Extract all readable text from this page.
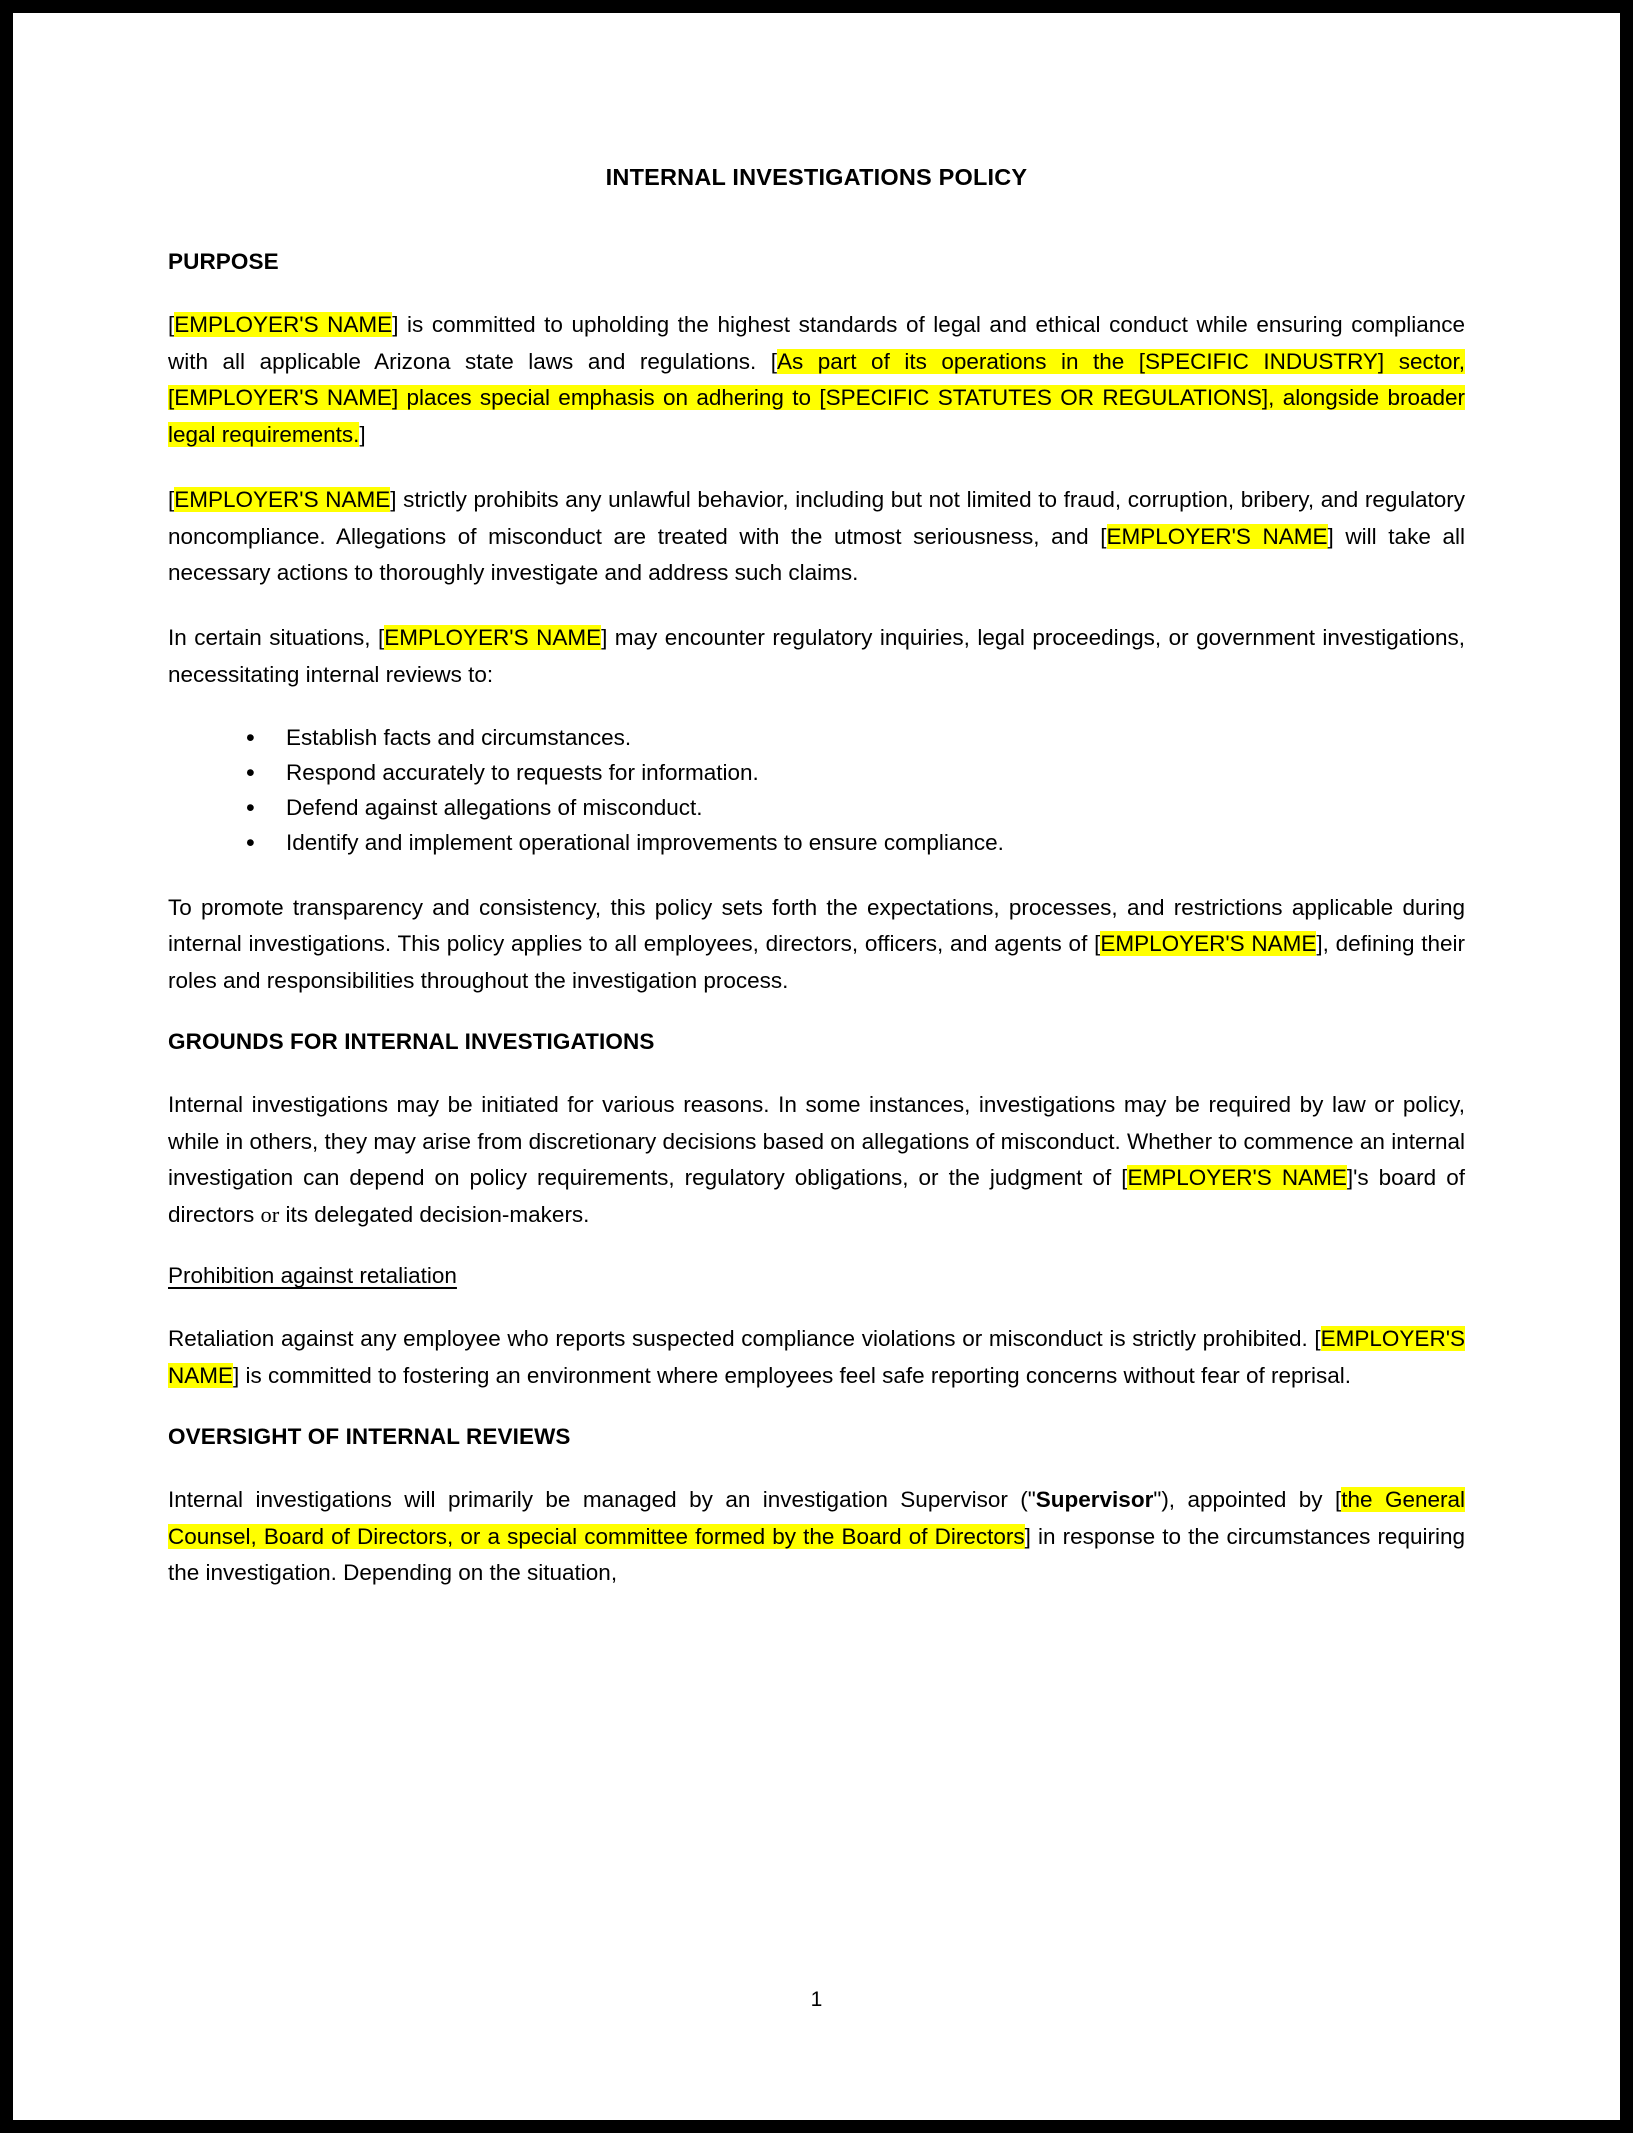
INTERNAL INVESTIGATIONS POLICY
PURPOSE

[EMPLOYER'S NAME] is committed to upholding the highest standards of legal and ethical conduct while ensuring compliance with all applicable Arizona state laws and regulations. [As part of its operations in the [SPECIFIC INDUSTRY] sector, [EMPLOYER'S NAME] places special emphasis on adhering to [SPECIFIC STATUTES OR REGULATIONS], alongside broader legal requirements.]

[EMPLOYER'S NAME] strictly prohibits any unlawful behavior, including but not limited to fraud, corruption, bribery, and regulatory noncompliance. Allegations of misconduct are treated with the utmost seriousness, and [EMPLOYER'S NAME] will take all necessary actions to thoroughly investigate and address such claims.

In certain situations, [EMPLOYER'S NAME] may encounter regulatory inquiries, legal proceedings, or government investigations, necessitating internal reviews to:

• Establish facts and circumstances.
• Respond accurately to requests for information.
• Defend against allegations of misconduct.
• Identify and implement operational improvements to ensure compliance.

To promote transparency and consistency, this policy sets forth the expectations, processes, and restrictions applicable during internal investigations. This policy applies to all employees, directors, officers, and agents of [EMPLOYER'S NAME], defining their roles and responsibilities throughout the investigation process.

GROUNDS FOR INTERNAL INVESTIGATIONS

Internal investigations may be initiated for various reasons. In some instances, investigations may be required by law or policy, while in others, they may arise from discretionary decisions based on allegations of misconduct. Whether to commence an internal investigation can depend on policy requirements, regulatory obligations, or the judgment of [EMPLOYER'S NAME]'s board of directors or its delegated decision-makers.

Prohibition against retaliation

Retaliation against any employee who reports suspected compliance violations or misconduct is strictly prohibited. [EMPLOYER'S NAME] is committed to fostering an environment where employees feel safe reporting concerns without fear of reprisal.

OVERSIGHT OF INTERNAL REVIEWS

Internal investigations will primarily be managed by an investigation Supervisor ("Supervisor"), appointed by [the General Counsel, Board of Directors, or a special committee formed by the Board of Directors] in response to the circumstances requiring the investigation. Depending on the situation,

1
